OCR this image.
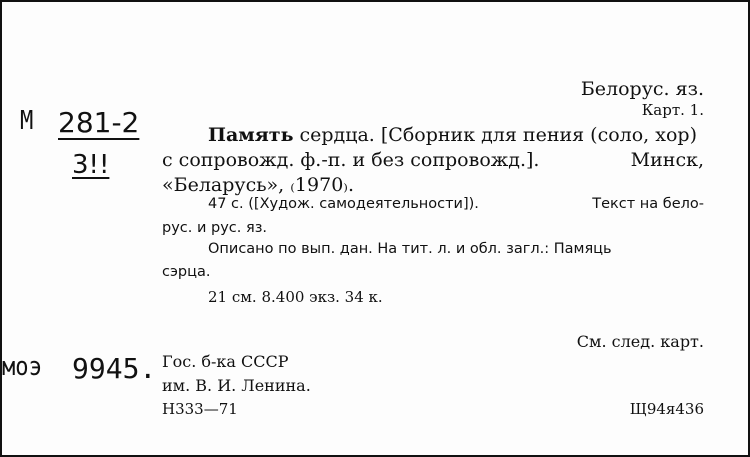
Белорус. яз.
Карт. 1.
М 281-2
3!!
Память сердца. [Сборник для пения (соло, хор)
с сопровожд. ф.-п. и без сопровожд.].	Минск,
«Беларусь», ₍1970₎.
47 с. ([Худож. самодеятельности]).	Текст на бело-
рус. и рус. яз.
Описано по вып. дан. На тит. л. и обл. загл.: Памяць
сэрца.
21 см. 8.400 экз. 34 к.
См. след. карт.
моэ 9945. Гос. б-ка СССР
им. В. И. Ленина.
Н333—71	Щ94я436
